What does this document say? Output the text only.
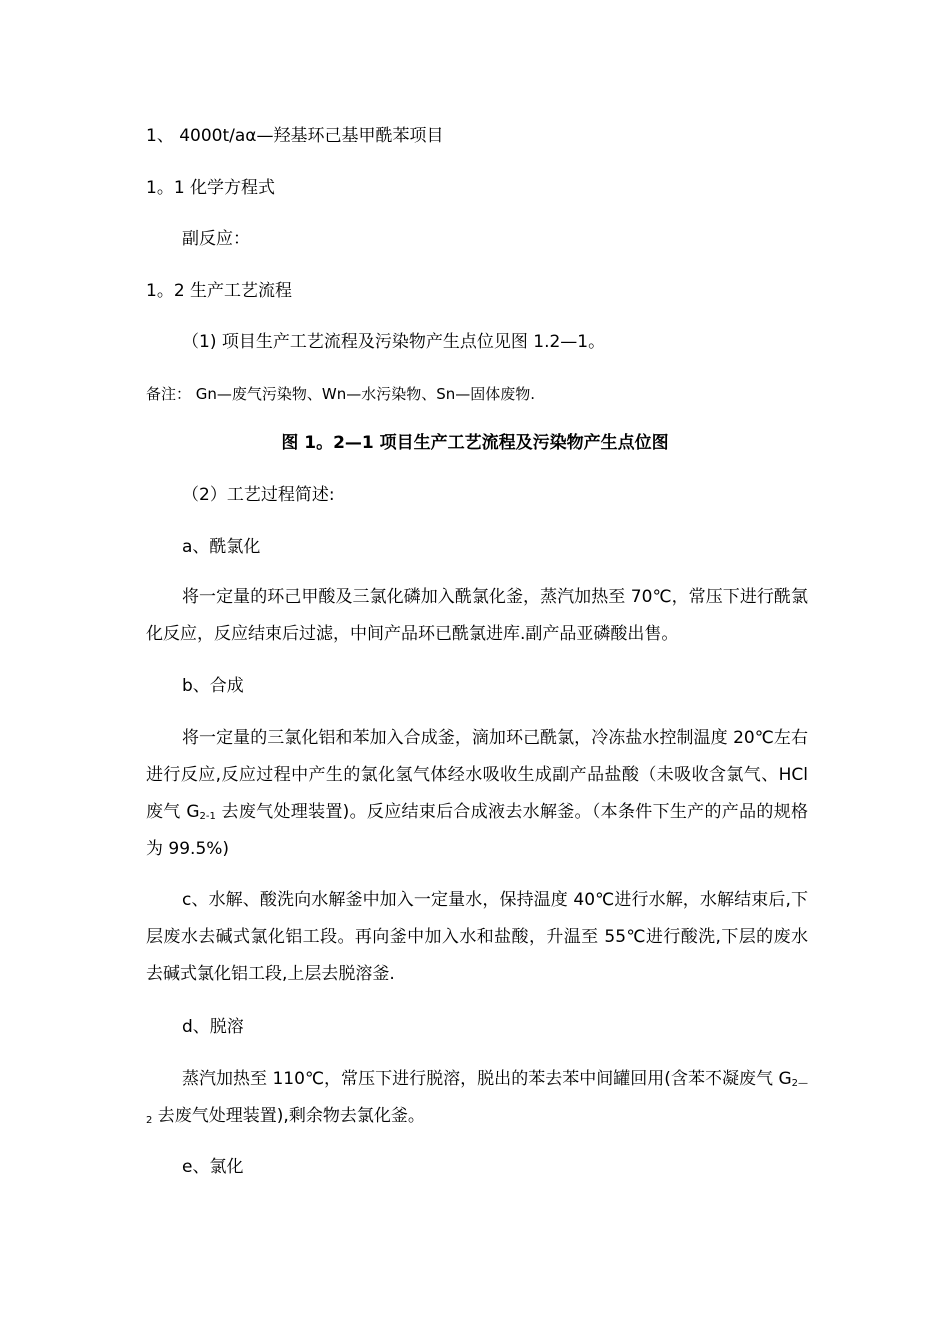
1、 4000t/aα—羟基环己基甲酰苯项目

1。1 化学方程式

副反应：

1。2 生产工艺流程

（1) 项目生产工艺流程及污染物产生点位见图 1.2—1。

备注： Gn—废气污染物、Wn—水污染物、Sn—固体废物.

图 1。2—1 项目生产工艺流程及污染物产生点位图

（2）工艺过程简述:

a、酰氯化

将一定量的环己甲酸及三氯化磷加入酰氯化釜，蒸汽加热至 70℃，常压下进行酰氯化反应，反应结束后过滤，中间产品环已酰氯进库.副产品亚磷酸出售。

b、合成

将一定量的三氯化铝和苯加入合成釜，滴加环己酰氯，冷冻盐水控制温度 20℃左右进行反应,反应过程中产生的氯化氢气体经水吸收生成副产品盐酸（未吸收含氯气、HCl 废气 $G_{2-1}$ 去废气处理装置)。反应结束后合成液去水解釜。（本条件下生产的产品的规格为 99.5%)

c、水解、酸洗向水解釜中加入一定量水，保持温度 40℃进行水解，水解结束后,下层废水去碱式氯化铝工段。再向釜中加入水和盐酸，升温至 55℃进行酸洗,下层的废水去碱式氯化铝工段,上层去脱溶釜.

d、脱溶

蒸汽加热至 110℃，常压下进行脱溶，脱出的苯去苯中间罐回用(含苯不凝废气 $G_{2—2}$ 去废气处理装置),剩余物去氯化釜。

e、氯化
